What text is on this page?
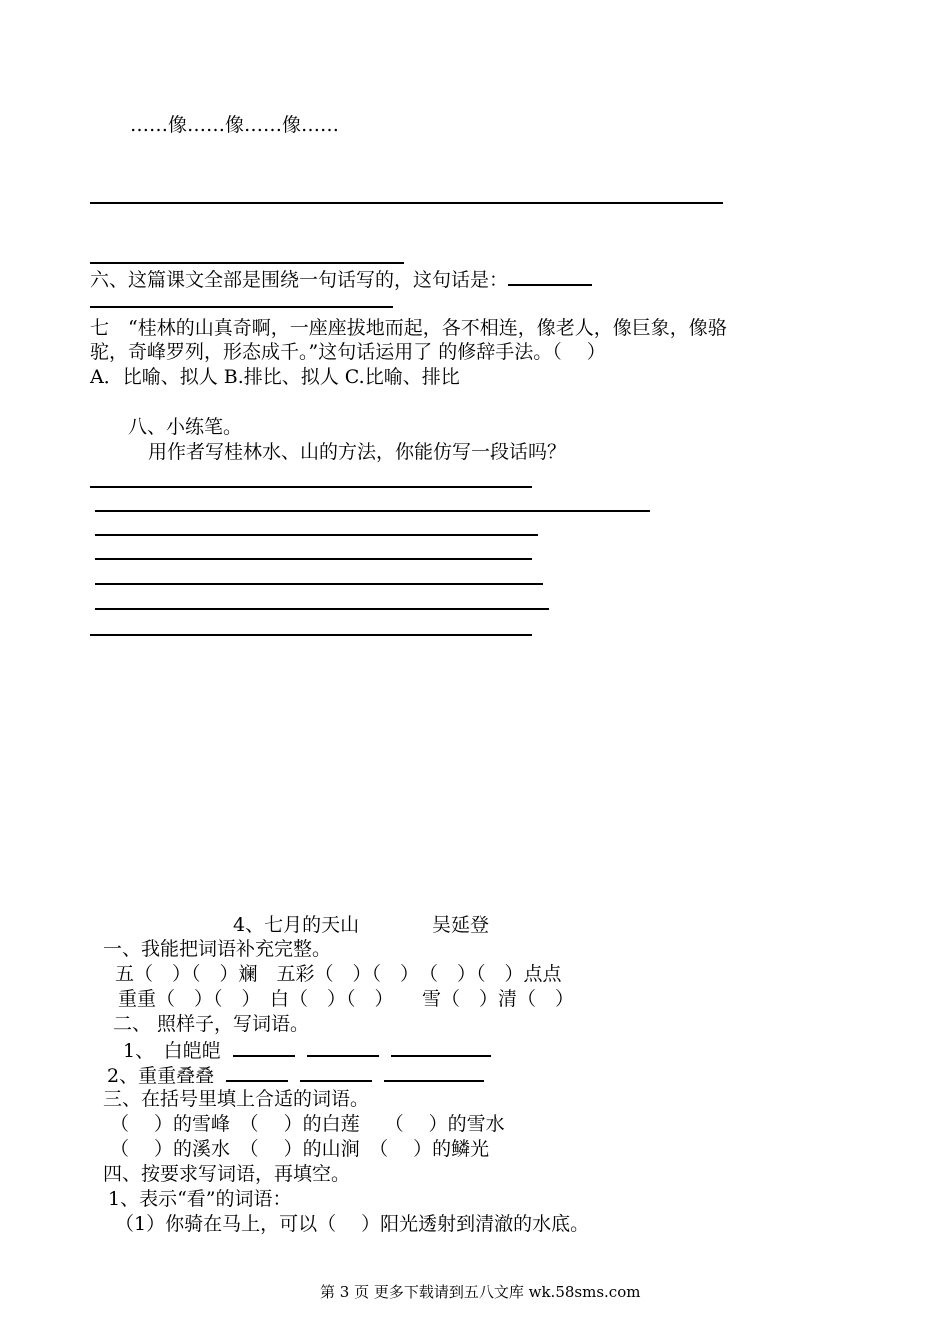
……像……像……像……
六、这篇课文全部是围绕一句话写的，这句话是：
七　“桂林的山真奇啊，一座座拔地而起，各不相连，像老人，像巨象，像骆
驼，奇峰罗列，形态成千。”这句话运用了 的修辞手法。（　 ）
A．比喻、拟人 B.排比、拟人 C.比喻、排比
八、小练笔。
用作者写桂林水、山的方法，你能仿写一段话吗？
4、七月的天山	吴延登
一、我能把词语补充完整。
五（　）（　）斓　五彩（　）（　）　（　）（　）点点
重重（　）（　）　白（　）（　）　　雪（　）清（　）
二、 照样子，写词语。
1、　白皑皑
2、重重叠叠
三、在括号里填上合适的词语。
（　 ）的雪峰　（　 ）的白莲　 （　 ）的雪水
（　 ）的溪水　（　 ）的山涧　（　 ）的鳞光
四、按要求写词语，再填空。
1、表示“看”的词语：
（1）你骑在马上，可以（　 ）阳光透射到清澈的水底。
第 3 页 更多下载请到五八文库 wk.58sms.com
